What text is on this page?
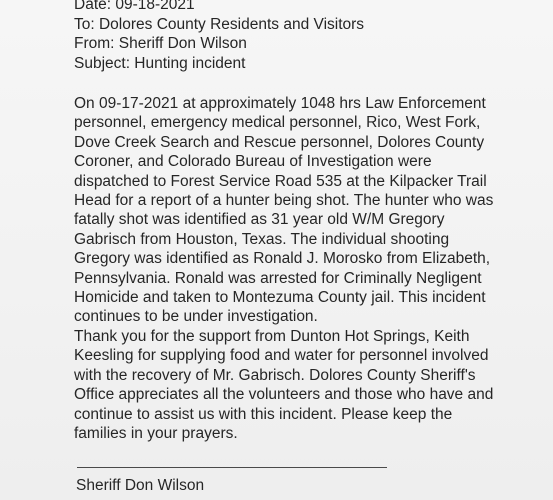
Date: 09-18-2021
To: Dolores County Residents and Visitors
From: Sheriff Don Wilson
Subject: Hunting incident
On 09-17-2021 at approximately 1048 hrs Law Enforcement
personnel, emergency medical personnel, Rico, West Fork,
Dove Creek Search and Rescue personnel, Dolores County
Coroner, and Colorado Bureau of Investigation were
dispatched to Forest Service Road 535 at the Kilpacker Trail
Head for a report of a hunter being shot. The hunter who was
fatally shot was identified as 31 year old W/M Gregory
Gabrisch from Houston, Texas. The individual shooting
Gregory was identified as Ronald J. Morosko from Elizabeth,
Pennsylvania. Ronald was arrested for Criminally Negligent
Homicide and taken to Montezuma County jail. This incident
continues to be under investigation.
Thank you for the support from Dunton Hot Springs, Keith
Keesling for supplying food and water for personnel involved
with the recovery of Mr. Gabrisch. Dolores County Sheriff's
Office appreciates all the volunteers and those who have and
continue to assist us with this incident. Please keep the
families in your prayers.
Sheriff Don Wilson
